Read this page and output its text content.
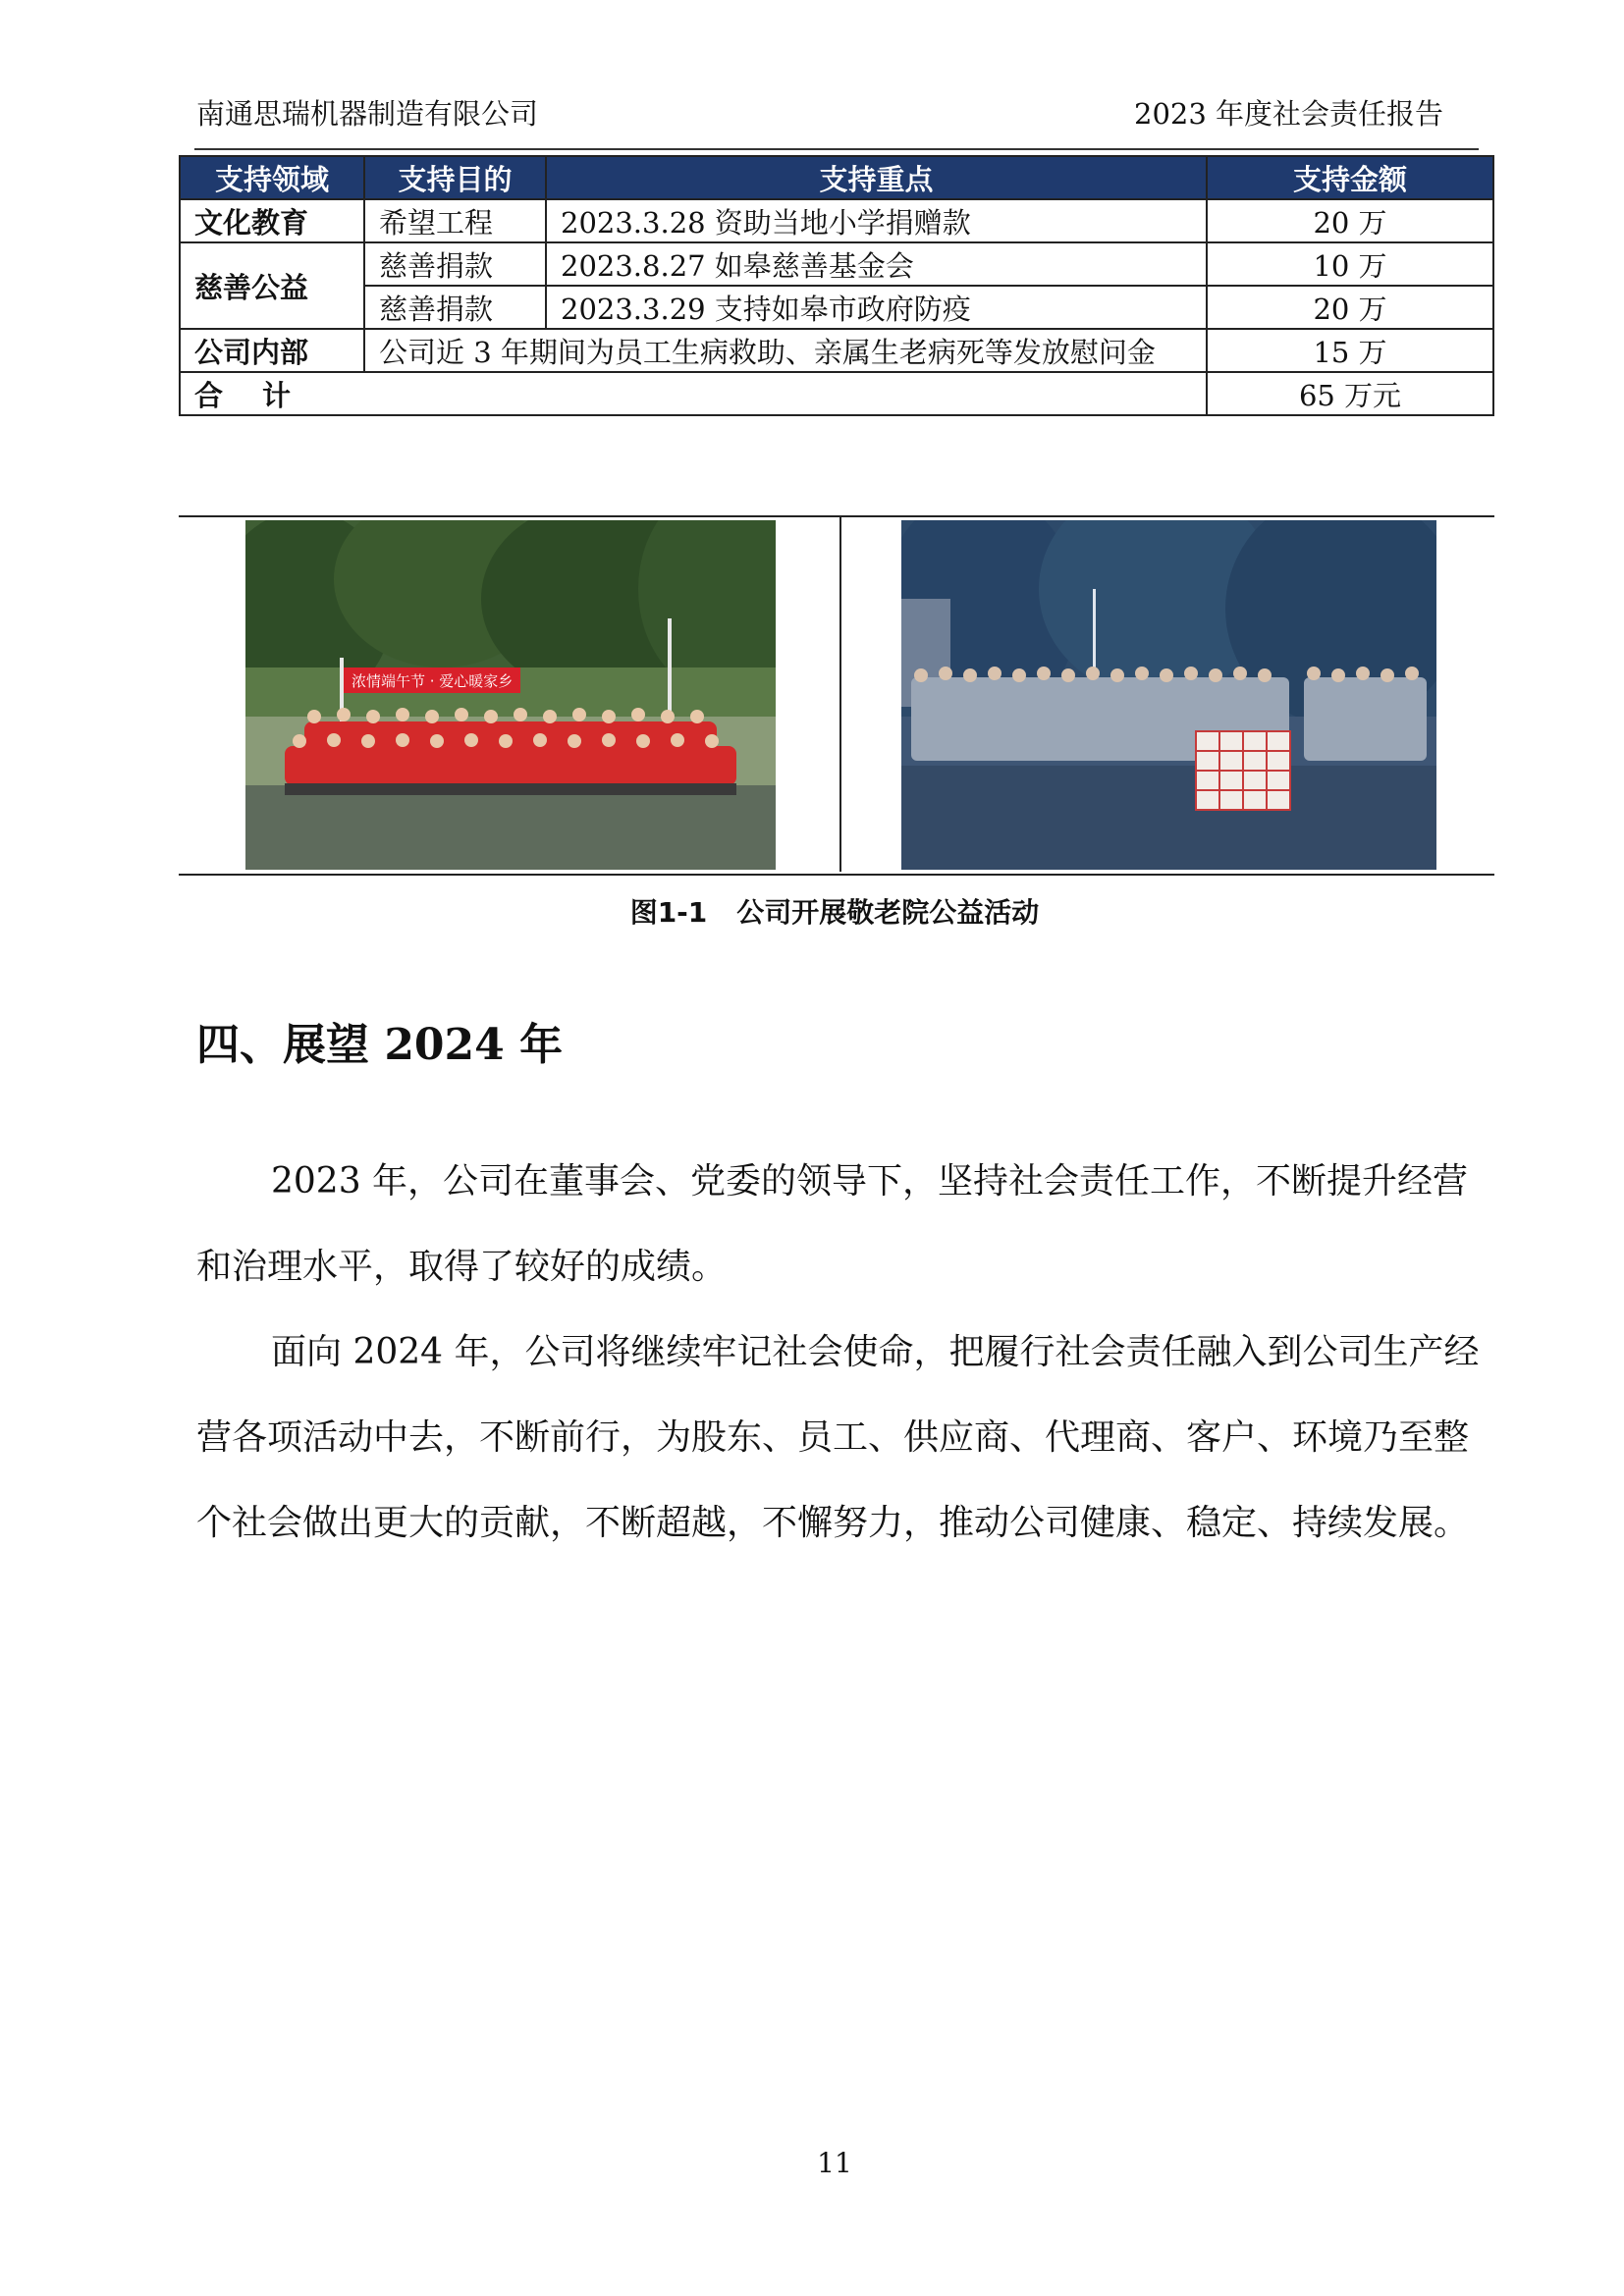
南通思瑞机器制造有限公司	2023 年度社会责任报告
支持领域	支持目的	支持重点	支持金额
文化教育	希望工程	2023.3.28 资助当地小学捐赠款	20 万
慈善公益	慈善捐款	2023.8.27 如皋慈善基金会	10 万
	慈善捐款	2023.3.29 支持如皋市政府防疫	20 万
公司内部	公司近 3 年期间为员工生病救助、亲属生老病死等发放慰问金		15 万
合计			65 万元
浓情端午节 · 爱心暖家乡
图1-1 公司开展敬老院公益活动
四、展望 2024 年
2023 年，公司在董事会、党委的领导下，坚持社会责任工作，不断提升经营和治理水平，取得了较好的成绩。
面向 2024 年，公司将继续牢记社会使命，把履行社会责任融入到公司生产经营各项活动中去，不断前行，为股东、员工、供应商、代理商、客户、环境乃至整个社会做出更大的贡献，不断超越，不懈努力，推动公司健康、稳定、持续发展。
11
